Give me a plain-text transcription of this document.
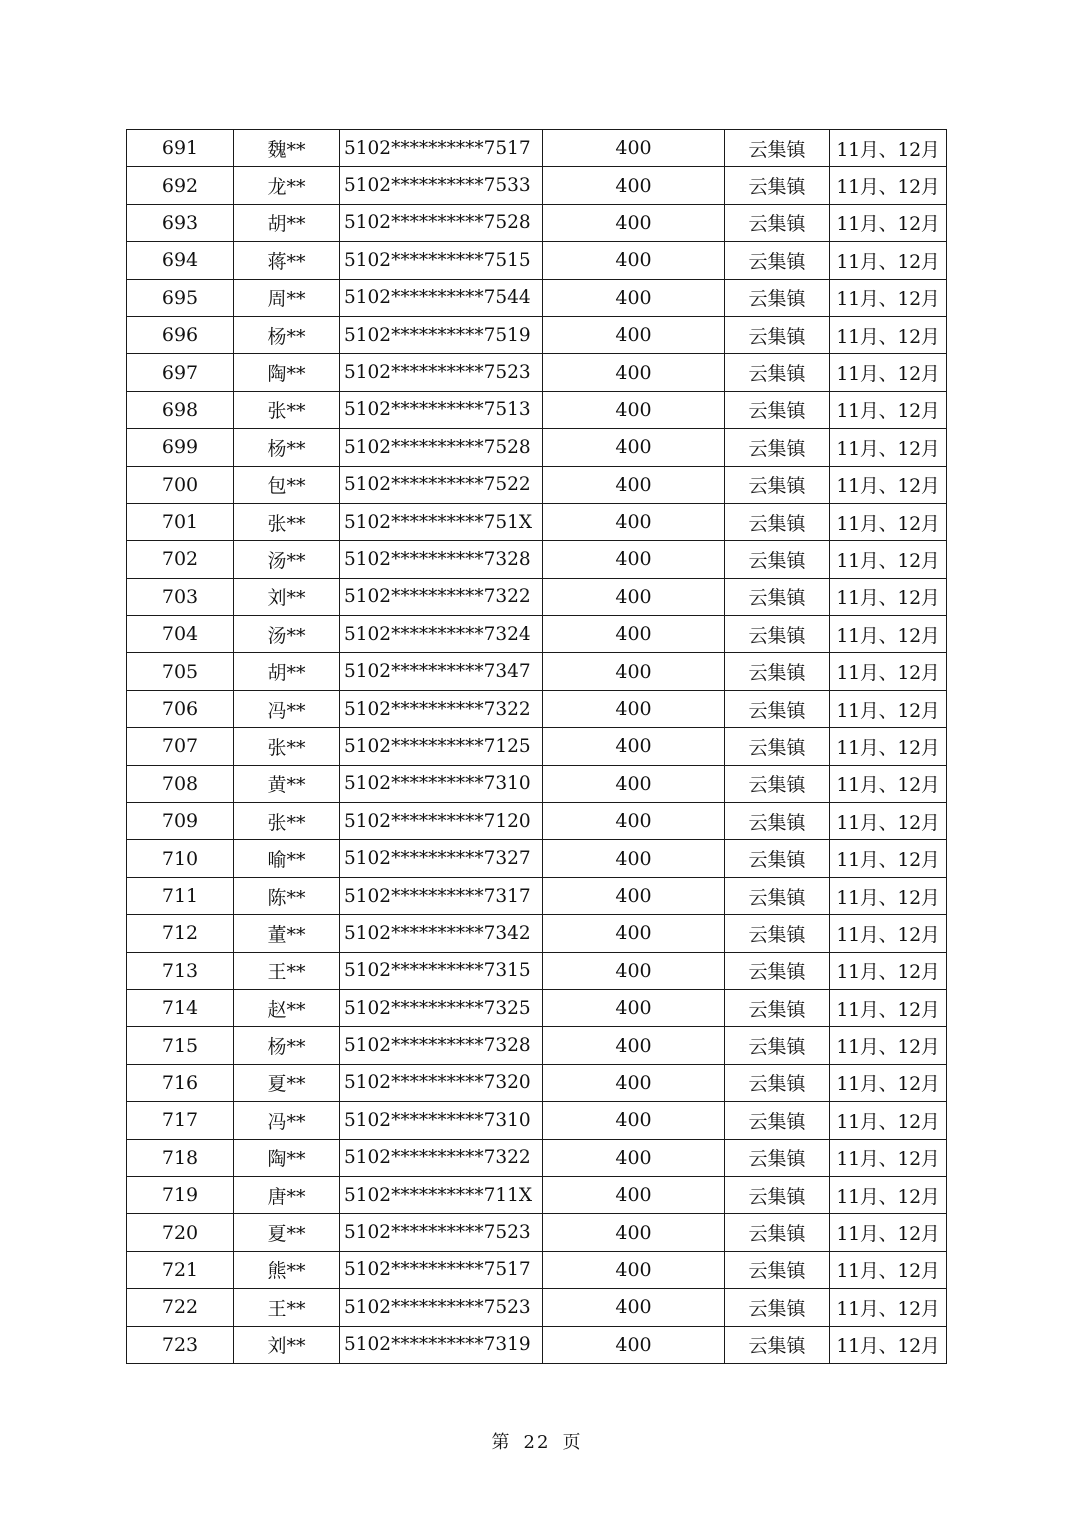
691	魏**	5102**********7517	400	云集镇	11月、12月
692	龙**	5102**********7533	400	云集镇	11月、12月
693	胡**	5102**********7528	400	云集镇	11月、12月
694	蒋**	5102**********7515	400	云集镇	11月、12月
695	周**	5102**********7544	400	云集镇	11月、12月
696	杨**	5102**********7519	400	云集镇	11月、12月
697	陶**	5102**********7523	400	云集镇	11月、12月
698	张**	5102**********7513	400	云集镇	11月、12月
699	杨**	5102**********7528	400	云集镇	11月、12月
700	包**	5102**********7522	400	云集镇	11月、12月
701	张**	5102**********751X	400	云集镇	11月、12月
702	汤**	5102**********7328	400	云集镇	11月、12月
703	刘**	5102**********7322	400	云集镇	11月、12月
704	汤**	5102**********7324	400	云集镇	11月、12月
705	胡**	5102**********7347	400	云集镇	11月、12月
706	冯**	5102**********7322	400	云集镇	11月、12月
707	张**	5102**********7125	400	云集镇	11月、12月
708	黄**	5102**********7310	400	云集镇	11月、12月
709	张**	5102**********7120	400	云集镇	11月、12月
710	喻**	5102**********7327	400	云集镇	11月、12月
711	陈**	5102**********7317	400	云集镇	11月、12月
712	董**	5102**********7342	400	云集镇	11月、12月
713	王**	5102**********7315	400	云集镇	11月、12月
714	赵**	5102**********7325	400	云集镇	11月、12月
715	杨**	5102**********7328	400	云集镇	11月、12月
716	夏**	5102**********7320	400	云集镇	11月、12月
717	冯**	5102**********7310	400	云集镇	11月、12月
718	陶**	5102**********7322	400	云集镇	11月、12月
719	唐**	5102**********711X	400	云集镇	11月、12月
720	夏**	5102**********7523	400	云集镇	11月、12月
721	熊**	5102**********7517	400	云集镇	11月、12月
722	王**	5102**********7523	400	云集镇	11月、12月
723	刘**	5102**********7319	400	云集镇	11月、12月
第 22 页
